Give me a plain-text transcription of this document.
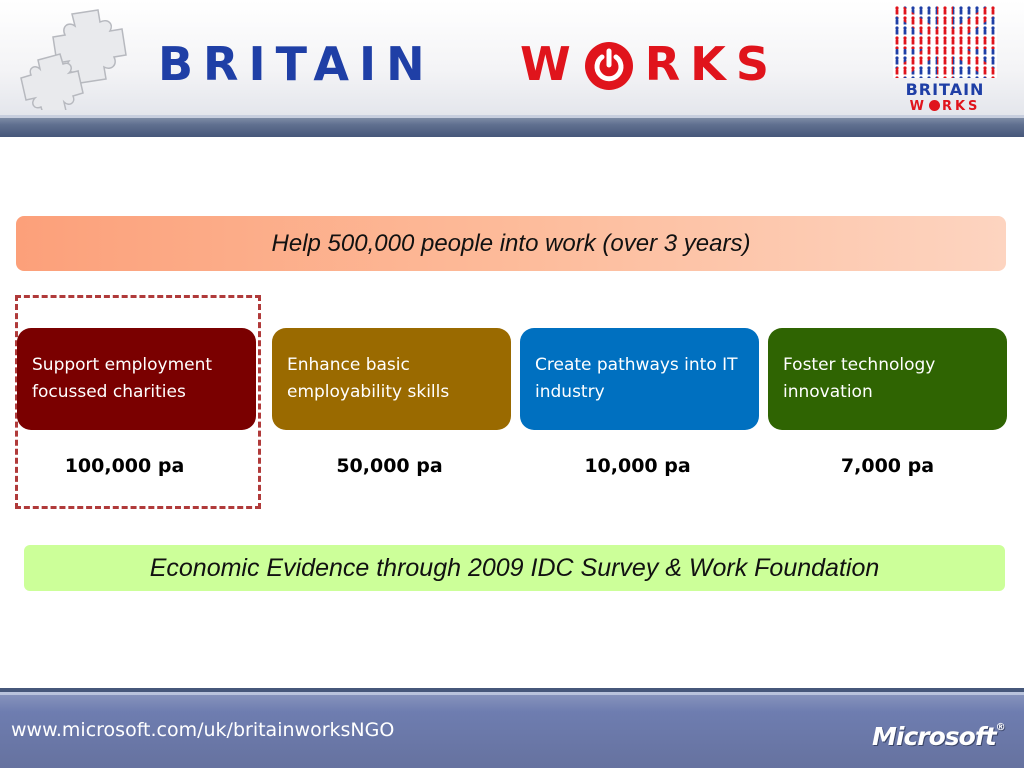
BRITAIN W RKS	BRITAIN
W RKS
Help 500,000 people into work (over 3 years)
Support employment focussed charities
Enhance basic employability skills
Create pathways into IT industry
Foster technology innovation
100,000 pa	50,000 pa	10,000 pa	7,000 pa
Economic Evidence through 2009 IDC Survey & Work Foundation
www.microsoft.com/uk/britainworksNGO	Microsoft®
